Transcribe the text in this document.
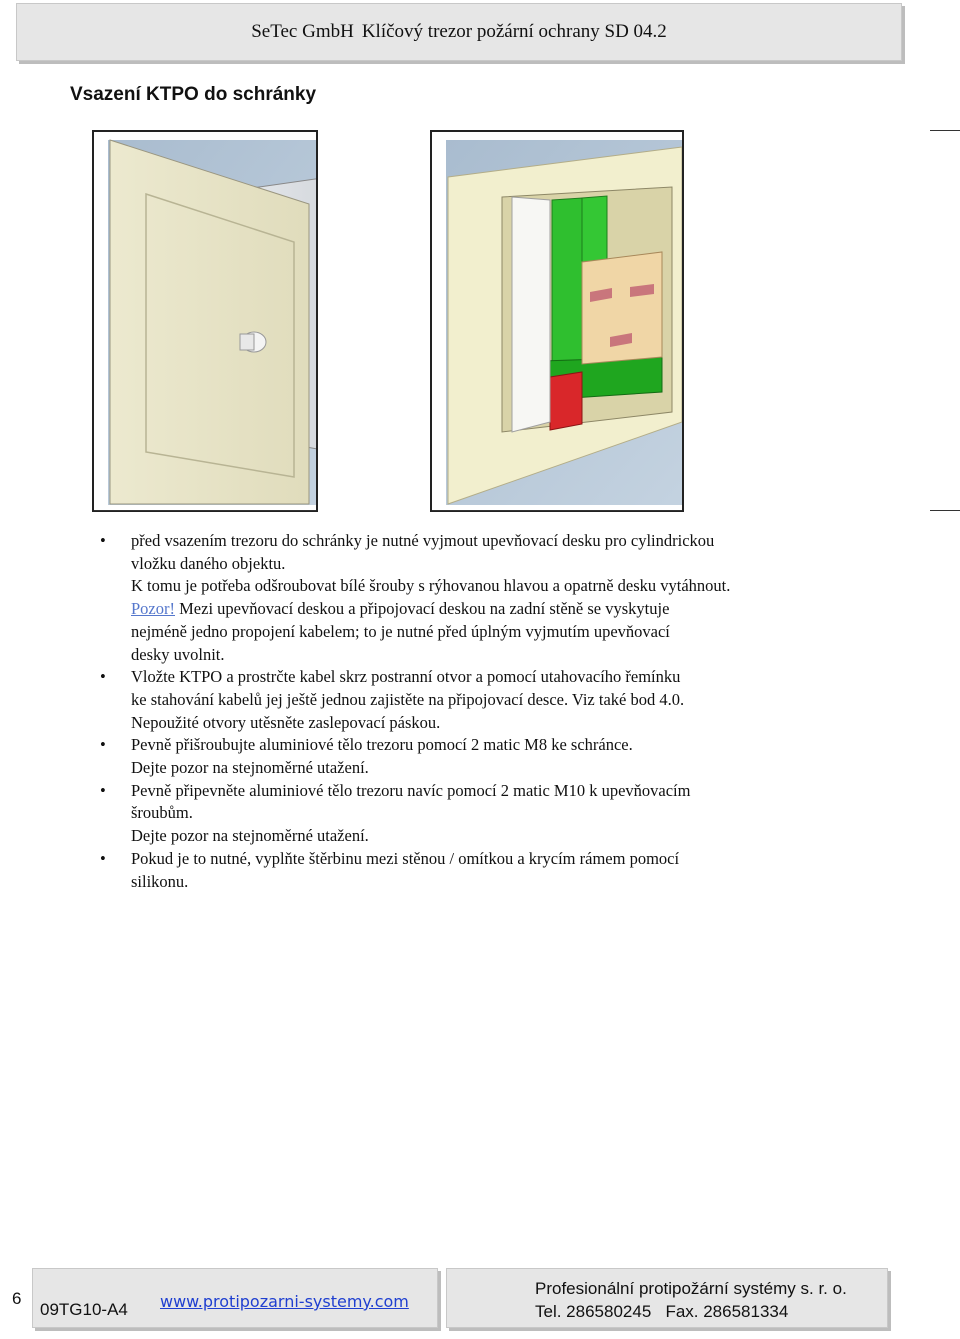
SeTec GmbH Klíčový trezor požární ochrany SD 04.2
Vsazení KTPO do schránky
• před vsazením trezoru do schránky je nutné vyjmout upevňovací desku pro cylindrickou
vložku daného objektu.
K tomu je potřeba odšroubovat bílé šrouby s rýhovanou hlavou a opatrně desku vytáhnout.
Pozor! Mezi upevňovací deskou a připojovací deskou na zadní stěně se vyskytuje
nejméně jedno propojení kabelem; to je nutné před úplným vyjmutím upevňovací
desky uvolnit.
• Vložte KTPO a prostrčte kabel skrz postranní otvor a pomocí utahovacího řemínku
ke stahování kabelů jej ještě jednou zajistěte na připojovací desce. Viz také bod 4.0.
Nepoužité otvory utěsněte zaslepovací páskou.
• Pevně přišroubujte aluminiové tělo trezoru pomocí 2 matic M8 ke schránce.
Dejte pozor na stejnoměrné utažení.
• Pevně připevněte aluminiové tělo trezoru navíc pomocí 2 matic M10 k upevňovacím
šroubům.
Dejte pozor na stejnoměrné utažení.
• Pokud je to nutné, vyplňte štěrbinu mezi stěnou / omítkou a krycím rámem pomocí
silikonu.
6
09TG10-A4 www.protipozarni-systemy.com
Profesionální protipožární systémy s. r. o.
Tel. 286580245   Fax. 286581334
